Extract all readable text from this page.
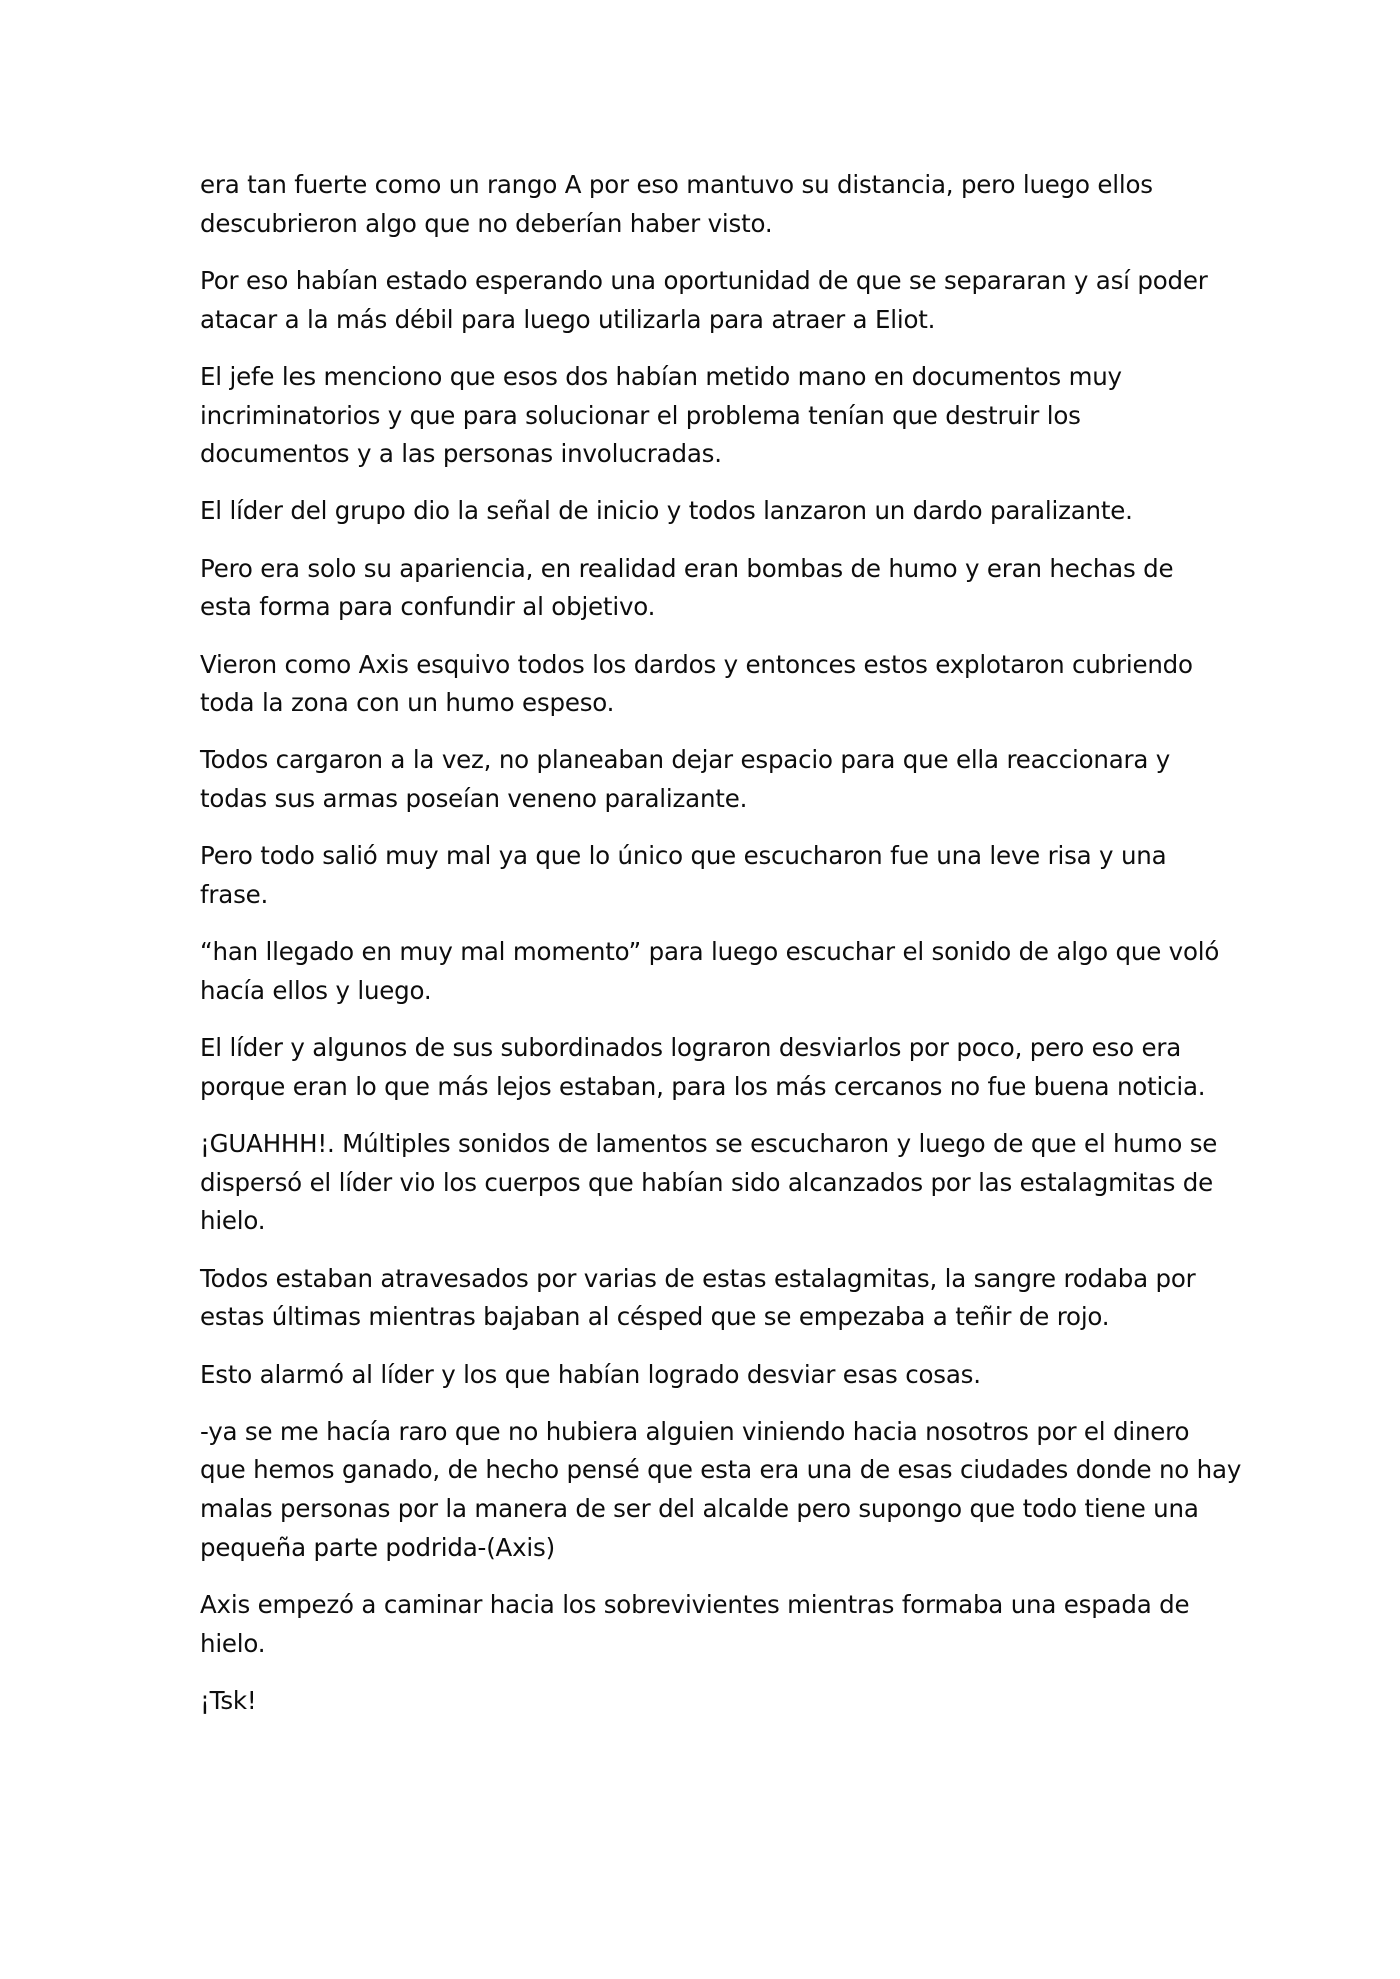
era tan fuerte como un rango A por eso mantuvo su distancia, pero luego ellos
descubrieron algo que no deberían haber visto.

Por eso habían estado esperando una oportunidad de que se separaran y así poder
atacar a la más débil para luego utilizarla para atraer a Eliot.

El jefe les menciono que esos dos habían metido mano en documentos muy
incriminatorios y que para solucionar el problema tenían que destruir los
documentos y a las personas involucradas.

El líder del grupo dio la señal de inicio y todos lanzaron un dardo paralizante.

Pero era solo su apariencia, en realidad eran bombas de humo y eran hechas de
esta forma para confundir al objetivo.

Vieron como Axis esquivo todos los dardos y entonces estos explotaron cubriendo
toda la zona con un humo espeso.

Todos cargaron a la vez, no planeaban dejar espacio para que ella reaccionara y
todas sus armas poseían veneno paralizante.

Pero todo salió muy mal ya que lo único que escucharon fue una leve risa y una
frase.

“han llegado en muy mal momento” para luego escuchar el sonido de algo que voló
hacía ellos y luego.

El líder y algunos de sus subordinados lograron desviarlos por poco, pero eso era
porque eran lo que más lejos estaban, para los más cercanos no fue buena noticia.

¡GUAHHH!. Múltiples sonidos de lamentos se escucharon y luego de que el humo se
dispersó el líder vio los cuerpos que habían sido alcanzados por las estalagmitas de
hielo.

Todos estaban atravesados por varias de estas estalagmitas, la sangre rodaba por
estas últimas mientras bajaban al césped que se empezaba a teñir de rojo.

Esto alarmó al líder y los que habían logrado desviar esas cosas.

-ya se me hacía raro que no hubiera alguien viniendo hacia nosotros por el dinero
que hemos ganado, de hecho pensé que esta era una de esas ciudades donde no hay
malas personas por la manera de ser del alcalde pero supongo que todo tiene una
pequeña parte podrida-(Axis)

Axis empezó a caminar hacia los sobrevivientes mientras formaba una espada de
hielo.

¡Tsk!
